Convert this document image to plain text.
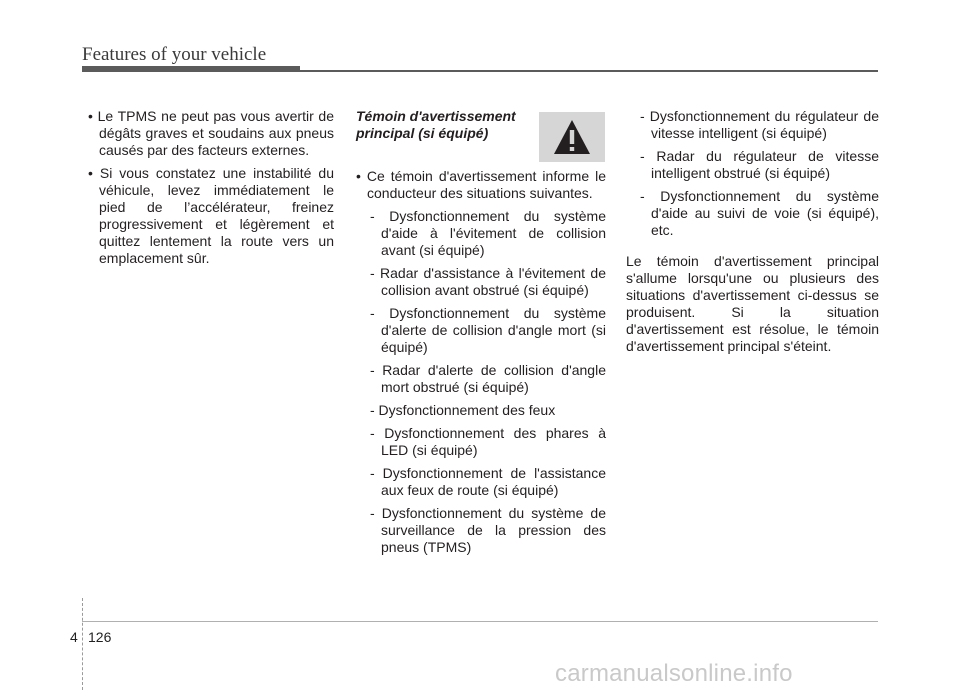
Features of your vehicle

• Le TPMS ne peut pas vous avertir de dégâts graves et soudains aux pneus causés par des facteurs externes.

• Si vous constatez une instabilité du véhicule, levez immédiatement le pied de l’accélérateur, freinez progressivement et légèrement et quittez lentement la route vers un emplacement sûr.

Témoin d'avertissement principal (si équipé)

• Ce témoin d'avertissement informe le conducteur des situations suivantes.

- Dysfonctionnement du système d'aide à l'évitement de collision avant (si équipé)

- Radar d'assistance à l'évitement de collision avant obstrué (si équipé)

- Dysfonctionnement du système d'alerte de collision d'angle mort (si équipé)

- Radar d'alerte de collision d'angle mort obstrué (si équipé)

- Dysfonctionnement des feux

- Dysfonctionnement des phares à LED (si équipé)

- Dysfonctionnement de l'assistance aux feux de route (si équipé)

- Dysfonctionnement du système de surveillance de la pression des pneus (TPMS)

- Dysfonctionnement du régulateur de vitesse intelligent (si équipé)

- Radar du régulateur de vitesse intelligent obstrué (si équipé)

- Dysfonctionnement du système d'aide au suivi de voie (si équipé), etc.

Le témoin d'avertissement principal s'allume lorsqu'une ou plusieurs des situations d'avertissement ci-dessus se produisent. Si la situation d'avertissement est résolue, le témoin d'avertissement principal s'éteint.

4 126
carmanualsonline.info
